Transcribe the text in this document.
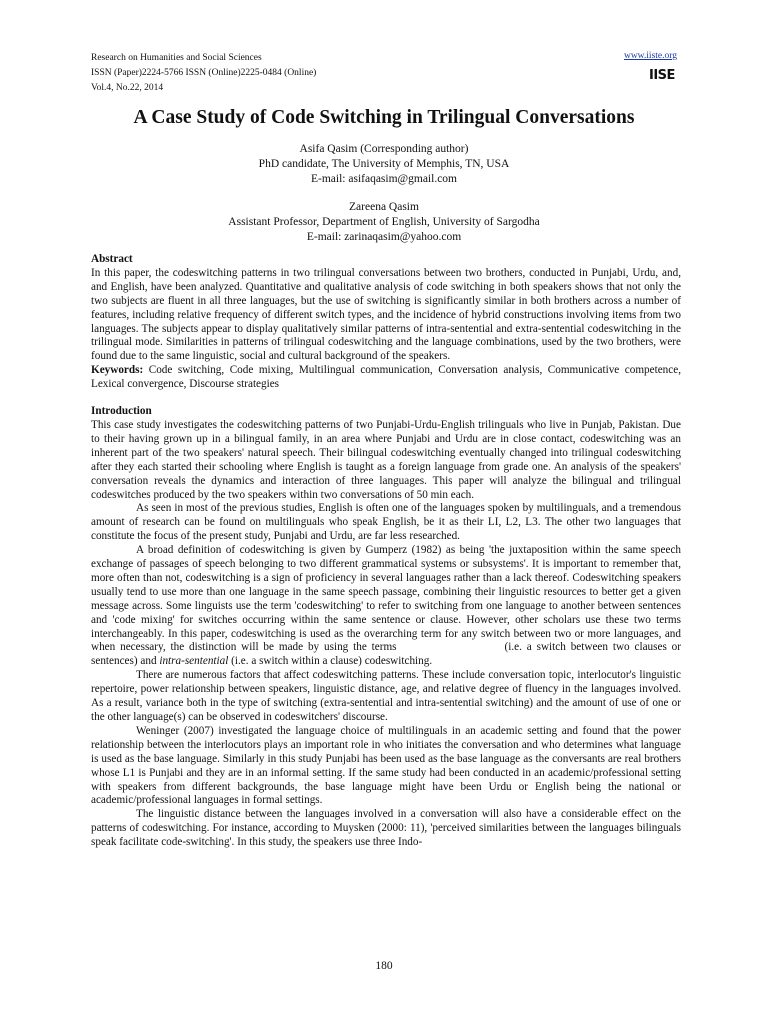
Research on Humanities and Social Sciences
ISSN (Paper)2224-5766 ISSN (Online)2225-0484 (Online)
Vol.4, No.22, 2014
www.iiste.org
IISE
A Case Study of Code Switching in Trilingual Conversations
Asifa Qasim (Corresponding author)
PhD candidate, The University of Memphis, TN, USA
E-mail: asifaqasim@gmail.com
Zareena Qasim
Assistant Professor, Department of English, University of Sargodha
E-mail: zarinaqasim@yahoo.com
Abstract

In this paper, the codeswitching patterns in two trilingual conversations between two brothers, conducted in Punjabi, Urdu, and, and English, have been analyzed. Quantitative and qualitative analysis of code switching in both speakers shows that not only the two subjects are fluent in all three languages, but the use of switching is significantly similar in both brothers across a number of features, including relative frequency of different switch types, and the incidence of hybrid constructions involving items from two languages. The subjects appear to display qualitatively similar patterns of intra-sentential and extra-sentential codeswitching in the trilingual mode. Similarities in patterns of trilingual codeswitching and the language combinations, used by the two brothers, were found due to the same linguistic, social and cultural background of the speakers.

Keywords: Code switching, Code mixing, Multilingual communication, Conversation analysis, Communicative competence, Lexical convergence, Discourse strategies

Introduction

This case study investigates the codeswitching patterns of two Punjabi-Urdu-English trilinguals who live in Punjab, Pakistan. Due to their having grown up in a bilingual family, in an area where Punjabi and Urdu are in close contact, codeswitching was an inherent part of the two speakers' natural speech. Their bilingual codeswitching eventually changed into trilingual codeswitching after they each started their schooling where English is taught as a foreign language from grade one. An analysis of the speakers' conversation reveals the dynamics and interaction of three languages. This paper will analyze the bilingual and trilingual codeswitches produced by the two speakers within two conversations of 50 min each.

As seen in most of the previous studies, English is often one of the languages spoken by multilinguals, and a tremendous amount of research can be found on multilinguals who speak English, be it as their LI, L2, L3. The other two languages that constitute the focus of the present study, Punjabi and Urdu, are far less researched.

A broad definition of codeswitching is given by Gumperz (1982) as being 'the juxtaposition within the same speech exchange of passages of speech belonging to two different grammatical systems or subsystems'. It is important to remember that, more often than not, codeswitching is a sign of proficiency in several languages rather than a lack thereof. Codeswitching speakers usually tend to use more than one language in the same speech passage, combining their linguistic resources to better get a given message across. Some linguists use the term 'codeswitching' to refer to switching from one language to another between sentences and 'code mixing' for switches occurring within the same sentence or clause. However, other scholars use these two terms interchangeably. In this paper, codeswitching is used as the overarching term for any switch between two or more languages, and when necessary, the distinction will be made by using the terms	(i.e. a switch between two clauses or sentences) and intra-sentential (i.e. a switch within a clause) codeswitching.

There are numerous factors that affect codeswitching patterns. These include conversation topic, interlocutor's linguistic repertoire, power relationship between speakers, linguistic distance, age, and relative degree of fluency in the languages involved. As a result, variance both in the type of switching (extra-sentential and intra-sentential switching) and the amount of use of one or the other language(s) can be observed in codeswitchers' discourse.

Weninger (2007) investigated the language choice of multilinguals in an academic setting and found that the power relationship between the interlocutors plays an important role in who initiates the conversation and who determines what language is used as the base language. Similarly in this study Punjabi has been used as the base language as the conversants are real brothers whose L1 is Punjabi and they are in an informal setting. If the same study had been conducted in an academic/professional setting with speakers from different backgrounds, the base language might have been Urdu or English being the national or academic/professional languages in formal settings.

The linguistic distance between the languages involved in a conversation will also have a considerable effect on the patterns of codeswitching. For instance, according to Muysken (2000: 11), 'perceived similarities between the languages bilinguals speak facilitate code-switching'. In this study, the speakers use three Indo-

180
